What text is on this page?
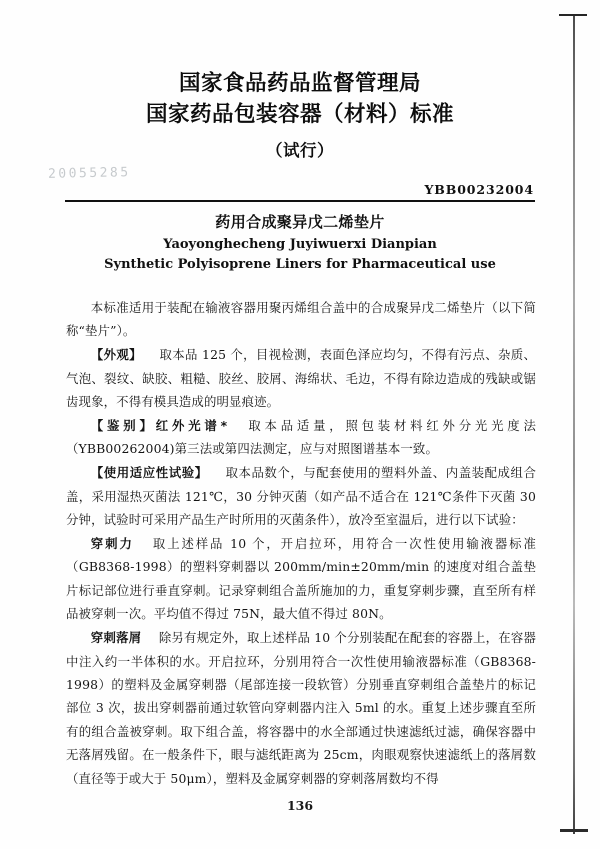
国家食品药品监督管理局
国家药品包装容器（材料）标准
（试行）
20055285
YBB00232004
药用合成聚异戊二烯垫片
Yaoyonghecheng Juyiwuerxi Dianpian
Synthetic Polyisoprene Liners for Pharmaceutical use

本标准适用于装配在输液容器用聚丙烯组合盖中的合成聚异戊二烯垫片（以下简称“垫片”）。

【外观】 取本品 125 个，目视检测，表面色泽应均匀，不得有污点、杂质、气泡、裂纹、缺胶、粗糙、胶丝、胶屑、海绵状、毛边，不得有除边造成的残缺或锯齿现象，不得有模具造成的明显痕迹。

【鉴别】红外光谱* 取本品适量，照包装材料红外分光光度法（YBB00262004)第三法或第四法测定，应与对照图谱基本一致。

【使用适应性试验】 取本品数个，与配套使用的塑料外盖、内盖装配成组合盖，采用湿热灭菌法 121℃，30 分钟灭菌（如产品不适合在 121℃条件下灭菌 30 分钟，试验时可采用产品生产时所用的灭菌条件），放冷至室温后，进行以下试验：

穿刺力 取上述样品 10 个，开启拉环，用符合一次性使用输液器标准（GB8368-1998）的塑料穿刺器以 200mm/min±20mm/min 的速度对组合盖垫片标记部位进行垂直穿刺。记录穿刺组合盖所施加的力，重复穿刺步骤，直至所有样品被穿刺一次。平均值不得过 75N，最大值不得过 80N。

穿刺落屑 除另有规定外，取上述样品 10 个分别装配在配套的容器上，在容器中注入约一半体积的水。开启拉环，分别用符合一次性使用输液器标准（GB8368-1998）的塑料及金属穿刺器（尾部连接一段软管）分别垂直穿刺组合盖垫片的标记部位 3 次，拔出穿刺器前通过软管向穿刺器内注入 5ml 的水。重复上述步骤直至所有的组合盖被穿刺。取下组合盖，将容器中的水全部通过快速滤纸过滤，确保容器中无落屑残留。在一般条件下，眼与滤纸距离为 25cm，肉眼观察快速滤纸上的落屑数（直径等于或大于 50μm），塑料及金属穿刺器的穿刺落屑数均不得

136
